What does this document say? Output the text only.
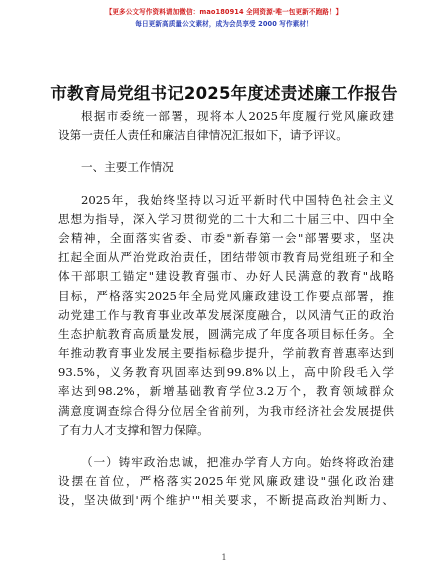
【更多公文写作资料请加微信：mao180914 全网资源·唯一包更新不跑路！】
每日更新高质量公文素材，成为会员享受 2000 写作素材！
市教育局党组书记2025年度述责述廉工作报告
根据市委统一部署，现将本人2025年度履行党风廉政建
设第一责任人责任和廉洁自律情况汇报如下，请予评议。
一、主要工作情况
2025年，我始终坚持以习近平新时代中国特色社会主义
思想为指导，深入学习贯彻党的二十大和二十届三中、四中全
会精神，全面落实省委、市委"新春第一会"部署要求，坚决
扛起全面从严治党政治责任，团结带领市教育局党组班子和全
体干部职工锚定"建设教育强市、办好人民满意的教育"战略
目标，严格落实2025年全局党风廉政建设工作要点部署，推
动党建工作与教育事业改革发展深度融合，以风清气正的政治
生态护航教育高质量发展，圆满完成了年度各项目标任务。全
年推动教育事业发展主要指标稳步提升，学前教育普惠率达到
93.5%，义务教育巩固率达到99.8%以上，高中阶段毛入学
率达到98.2%，新增基础教育学位3.2万个，教育领域群众
满意度调查综合得分位居全省前列，为我市经济社会发展提供
了有力人才支撑和智力保障。
（一）铸牢政治忠诚，把准办学育人方向。始终将政治建
设摆在首位，严格落实2025年党风廉政建设"强化政治建
设，坚决做到'两个维护'"相关要求，不断提高政治判断力、
1
